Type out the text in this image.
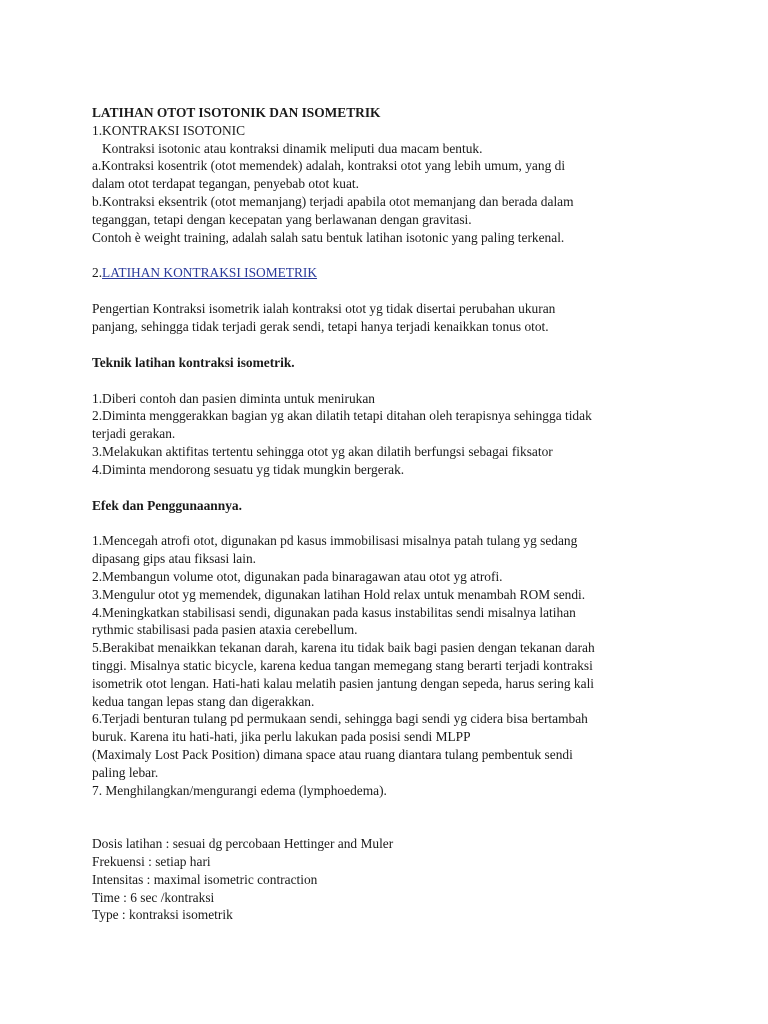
LATIHAN OTOT ISOTONIK DAN ISOMETRIK

1.KONTRAKSI ISOTONIC

Kontraksi isotonic atau kontraksi dinamik meliputi dua macam bentuk.

a.Kontraksi kosentrik (otot memendek) adalah, kontraksi otot yang lebih umum, yang di

dalam otot terdapat tegangan, penyebab otot kuat.

b.Kontraksi eksentrik (otot memanjang) terjadi apabila otot memanjang dan berada dalam

teganggan, tetapi dengan kecepatan yang berlawanan dengan gravitasi.

Contoh è weight training, adalah salah satu bentuk latihan isotonic yang paling terkenal.

2.LATIHAN KONTRAKSI ISOMETRIK

Pengertian Kontraksi isometrik ialah kontraksi otot yg tidak disertai perubahan ukuran

panjang, sehingga tidak terjadi gerak sendi, tetapi hanya terjadi kenaikkan tonus otot.

Teknik latihan kontraksi isometrik.

1.Diberi contoh dan pasien diminta untuk menirukan

2.Diminta menggerakkan bagian yg akan dilatih tetapi ditahan oleh terapisnya sehingga tidak

terjadi gerakan.

3.Melakukan aktifitas tertentu sehingga otot yg akan dilatih berfungsi sebagai fiksator

4.Diminta mendorong sesuatu yg tidak mungkin bergerak.

Efek dan Penggunaannya.

1.Mencegah atrofi otot, digunakan pd kasus immobilisasi misalnya patah tulang yg sedang

dipasang gips atau fiksasi lain.

2.Membangun volume otot, digunakan pada binaragawan atau otot yg atrofi.

3.Mengulur otot yg memendek, digunakan latihan Hold relax untuk menambah ROM sendi.

4.Meningkatkan stabilisasi sendi, digunakan pada kasus instabilitas sendi misalnya latihan

rythmic stabilisasi pada pasien ataxia cerebellum.

5.Berakibat menaikkan tekanan darah, karena itu tidak baik bagi pasien dengan tekanan darah

tinggi. Misalnya static bicycle, karena kedua tangan memegang stang berarti terjadi kontraksi

isometrik otot lengan. Hati-hati kalau melatih pasien jantung dengan sepeda, harus sering kali

kedua tangan lepas stang dan digerakkan.

6.Terjadi benturan tulang pd permukaan sendi, sehingga bagi sendi yg cidera bisa bertambah

buruk. Karena itu hati-hati, jika perlu lakukan pada posisi sendi MLPP

(Maximaly Lost Pack Position) dimana space atau ruang diantara tulang pembentuk sendi

paling lebar.

7. Menghilangkan/mengurangi edema (lymphoedema).

Dosis latihan : sesuai dg percobaan Hettinger and Muler

Frekuensi : setiap hari

Intensitas : maximal isometric contraction

Time : 6 sec /kontraksi

Type : kontraksi isometrik
